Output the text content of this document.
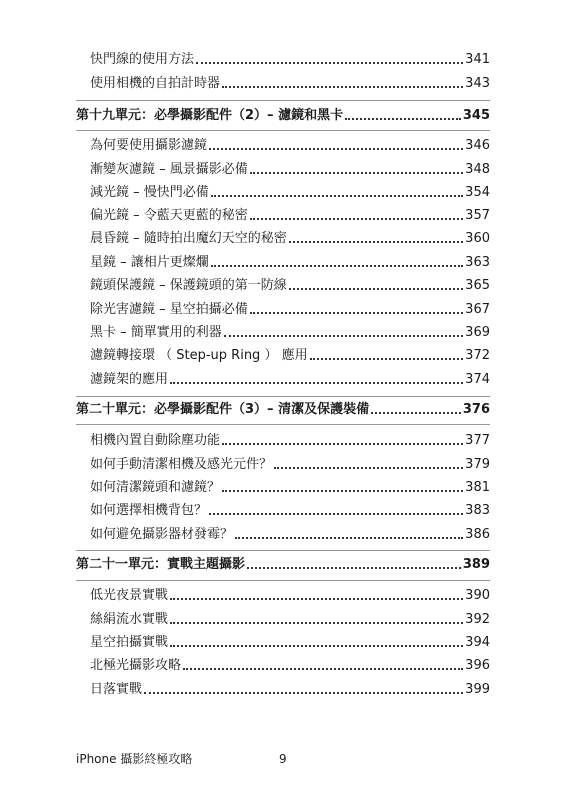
快門線的使用方法	341
使用相機的自拍計時器	343
第十九單元：必學攝影配件（2）– 濾鏡和黑卡	345
為何要使用攝影濾鏡	346
漸變灰濾鏡 – 風景攝影必備	348
減光鏡 – 慢快門必備	354
偏光鏡 – 令藍天更藍的秘密	357
晨昏鏡 – 隨時拍出魔幻天空的秘密	360
星鏡 – 讓相片更燦爛	363
鏡頭保護鏡 – 保護鏡頭的第一防線	365
除光害濾鏡 – 星空拍攝必備	367
黑卡 – 簡單實用的利器	369
濾鏡轉接環 （ Step-up Ring ） 應用	372
濾鏡架的應用	374
第二十單元：必學攝影配件（3）– 清潔及保護裝備	376
相機內置自動除塵功能	377
如何手動清潔相機及感光元件？	379
如何清潔鏡頭和濾鏡？	381
如何選擇相機背包？	383
如何避免攝影器材發霉？	386
第二十一單元：實戰主題攝影	389
低光夜景實戰	390
絲絹流水實戰	392
星空拍攝實戰	394
北極光攝影攻略	396
日落實戰	399
iPhone 攝影終極攻略	9
